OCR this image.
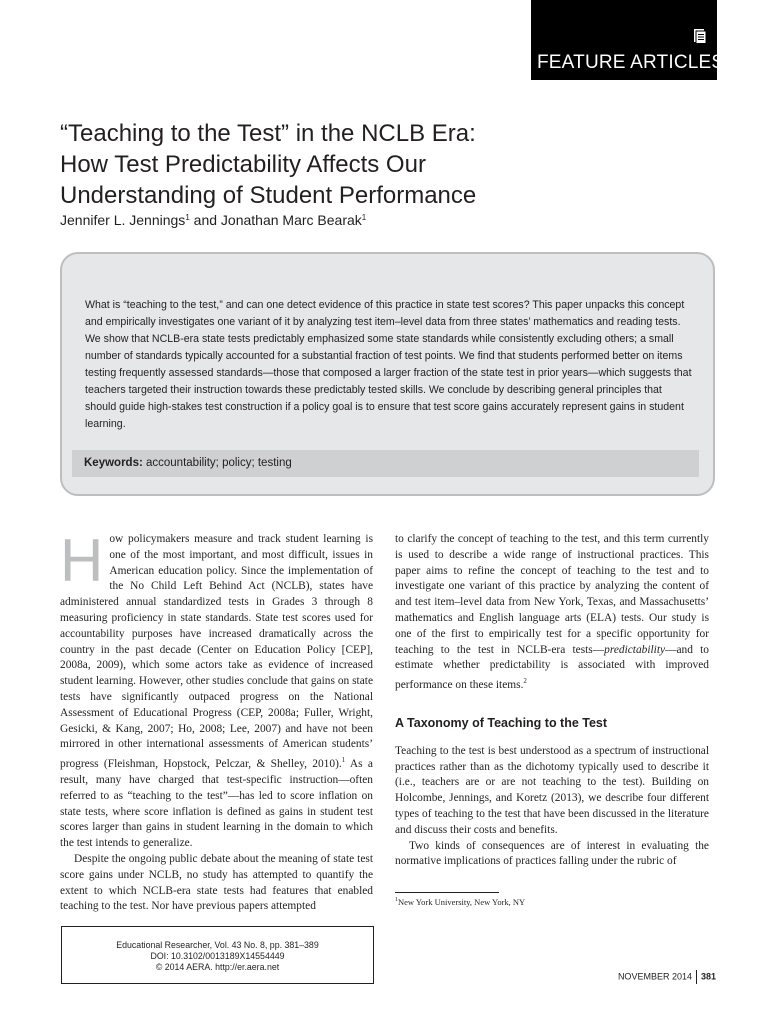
FEATURE ARTICLES
“Teaching to the Test” in the NCLB Era:
How Test Predictability Affects Our
Understanding of Student Performance
Jennifer L. Jennings$^1$ and Jonathan Marc Bearak$^1$

What is “teaching to the test,” and can one detect evidence of this practice in state test scores? This paper unpacks this concept and empirically investigates one variant of it by analyzing test item–level data from three states’ mathematics and reading tests. We show that NCLB-era state tests predictably emphasized some state standards while consistently excluding others; a small number of standards typically accounted for a substantial fraction of test points. We find that students performed better on items testing frequently assessed standards—those that composed a larger fraction of the state test in prior years—which suggests that teachers targeted their instruction towards these predictably tested skills. We conclude by describing general principles that should guide high-stakes test construction if a policy goal is to ensure that test score gains accurately represent gains in student learning.

Keywords: accountability; policy; testing

How policymakers measure and track student learning is one of the most important, and most difficult, issues in American education policy. Since the implementation of the No Child Left Behind Act (NCLB), states have administered annual standardized tests in Grades 3 through 8 measuring proficiency in state standards. State test scores used for accountability purposes have increased dramatically across the country in the past decade (Center on Education Policy [CEP], 2008a, 2009), which some actors take as evidence of increased student learning. However, other studies conclude that gains on state tests have significantly outpaced progress on the National Assessment of Educational Progress (CEP, 2008a; Fuller, Wright, Gesicki, & Kang, 2007; Ho, 2008; Lee, 2007) and have not been mirrored in other international assessments of American students’ progress (Fleishman, Hopstock, Pelczar, & Shelley, 2010).$^1$ As a result, many have charged that test-specific instruction—often referred to as “teaching to the test”—has led to score inflation on state tests, where score inflation is defined as gains in student test scores larger than gains in student learning in the domain to which the test intends to generalize.

Despite the ongoing public debate about the meaning of state test score gains under NCLB, no study has attempted to quantify the extent to which NCLB-era state tests had features that enabled teaching to the test. Nor have previous papers attempted

to clarify the concept of teaching to the test, and this term currently is used to describe a wide range of instructional practices. This paper aims to refine the concept of teaching to the test and to investigate one variant of this practice by analyzing the content of and test item–level data from New York, Texas, and Massachusetts’ mathematics and English language arts (ELA) tests. Our study is one of the first to empirically test for a specific opportunity for teaching to the test in NCLB-era tests—predictability—and to estimate whether predictability is associated with improved performance on these items.$^2$

A Taxonomy of Teaching to the Test

Teaching to the test is best understood as a spectrum of instructional practices rather than as the dichotomy typically used to describe it (i.e., teachers are or are not teaching to the test). Building on Holcombe, Jennings, and Koretz (2013), we describe four different types of teaching to the test that have been discussed in the literature and discuss their costs and benefits.

Two kinds of consequences are of interest in evaluating the normative implications of practices falling under the rubric of

$^1$New York University, New York, NY
Educational Researcher, Vol. 43 No. 8, pp. 381–389
DOI: 10.3102/0013189X14554449
© 2014 AERA. http://er.aera.net
NOVEMBER 2014 381
